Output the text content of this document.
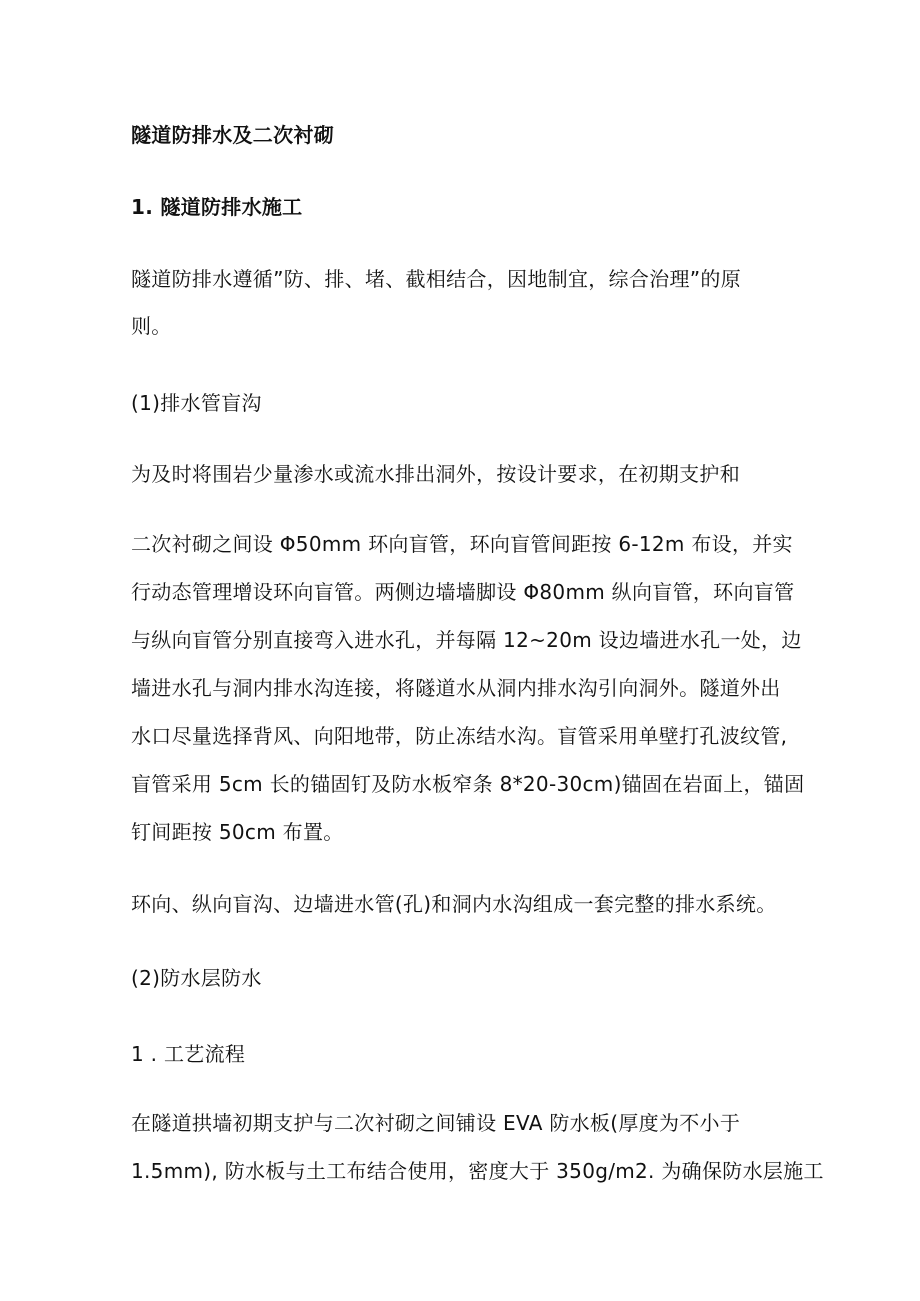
隧道防排水及二次衬砌
1. 隧道防排水施工
隧道防排水遵循”防、排、堵、截相结合，因地制宜，综合治理”的原
则。
(1)排水管盲沟
为及时将围岩少量渗水或流水排出洞外，按设计要求，在初期支护和
二次衬砌之间设 Φ50mm 环向盲管，环向盲管间距按 6-12m 布设，并实
行动态管理增设环向盲管。两侧边墙墙脚设 Φ80mm 纵向盲管，环向盲管
与纵向盲管分别直接弯入进水孔，并每隔 12~20m 设边墙进水孔一处，边
墙进水孔与洞内排水沟连接，将隧道水从洞内排水沟引向洞外。隧道外出
水口尽量选择背风、向阳地带，防止冻结水沟。盲管采用单壁打孔波纹管,
盲管采用 5cm 长的锚固钉及防水板窄条 8*20-30cm)锚固在岩面上，锚固
钉间距按 50cm 布置。
环向、纵向盲沟、边墙进水管(孔)和洞内水沟组成一套完整的排水系统。
(2)防水层防水
1 . 工艺流程
在隧道拱墙初期支护与二次衬砌之间铺设 EVA 防水板(厚度为不小于
1.5mm), 防水板与土工布结合使用，密度大于 350g/m2. 为确保防水层施工
